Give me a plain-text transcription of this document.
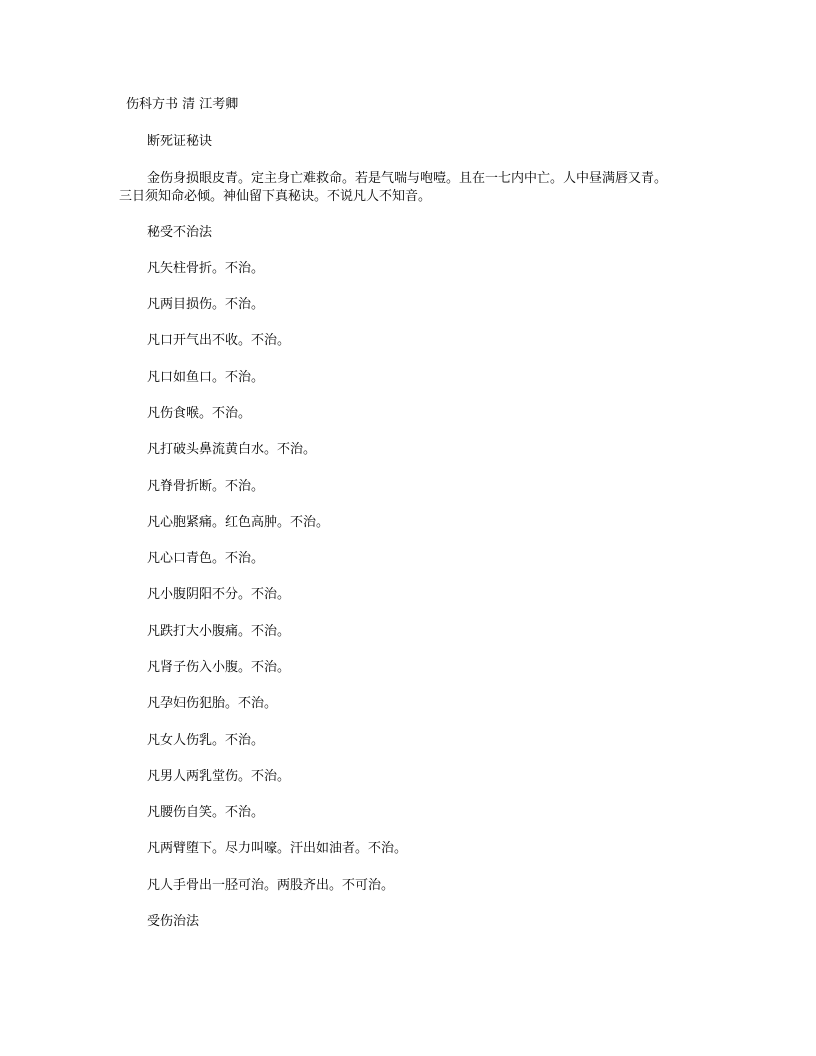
伤科方书 清 江考卿
断死证秘诀
金伤身损眼皮青。定主身亡难救命。若是气喘与咆噎。且在一七内中亡。人中昼满唇又青。
三日须知命必倾。神仙留下真秘诀。不说凡人不知音。
秘受不治法
凡矢柱骨折。不治。
凡两目损伤。不治。
凡口开气出不收。不治。
凡口如鱼口。不治。
凡伤食喉。不治。
凡打破头鼻流黄白水。不治。
凡脊骨折断。不治。
凡心胞紧痛。红色高肿。不治。
凡心口青色。不治。
凡小腹阴阳不分。不治。
凡跌打大小腹痛。不治。
凡肾子伤入小腹。不治。
凡孕妇伤犯胎。不治。
凡女人伤乳。不治。
凡男人两乳堂伤。不治。
凡腰伤自笑。不治。
凡两臂堕下。尽力叫嚎。汗出如油者。不治。
凡人手骨出一胫可治。两股齐出。不可治。
受伤治法
